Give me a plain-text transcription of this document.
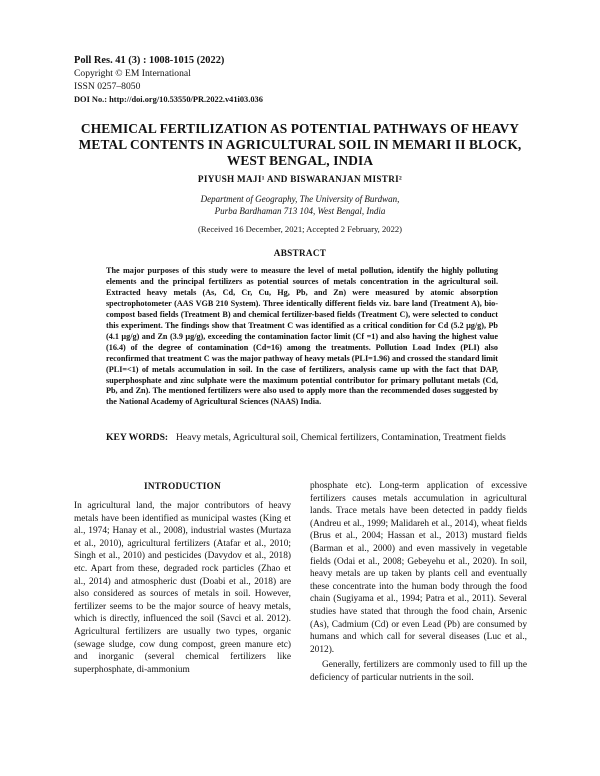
Poll Res. 41 (3) : 1008-1015 (2022)
Copyright © EM International
ISSN 0257–8050
DOI No.: http://doi.org/10.53550/PR.2022.v41i03.036
CHEMICAL FERTILIZATION AS POTENTIAL PATHWAYS OF HEAVY METAL CONTENTS IN AGRICULTURAL SOIL IN MEMARI II BLOCK, WEST BENGAL, INDIA
PIYUSH MAJI¹ AND BISWARANJAN MISTRI²
Department of Geography, The University of Burdwan,
Purba Bardhaman 713 104, West Bengal, India
(Received 16 December, 2021; Accepted 2 February, 2022)
ABSTRACT
The major purposes of this study were to measure the level of metal pollution, identify the highly polluting elements and the principal fertilizers as potential sources of metals concentration in the agricultural soil. Extracted heavy metals (As, Cd, Cr, Cu, Hg, Pb, and Zn) were measured by atomic absorption spectrophotometer (AAS VGB 210 System). Three identically different fields viz. bare land (Treatment A), bio-compost based fields (Treatment B) and chemical fertilizer-based fields (Treatment C), were selected to conduct this experiment. The findings show that Treatment C was identified as a critical condition for Cd (5.2 µg/g), Pb (4.1 µg/g) and Zn (3.9 µg/g), exceeding the contamination factor limit (Cf =1) and also having the highest value (16.4) of the degree of contamination (Cd=16) among the treatments. Pollution Load Index (PLI) also reconfirmed that treatment C was the major pathway of heavy metals (PLI=1.96) and crossed the standard limit (PLI=<1) of metals accumulation in soil. In the case of fertilizers, analysis came up with the fact that DAP, superphosphate and zinc sulphate were the maximum potential contributor for primary pollutant metals (Cd, Pb, and Zn). The mentioned fertilizers were also used to apply more than the recommended doses suggested by the National Academy of Agricultural Sciences (NAAS) India.
KEY WORDS: Heavy metals, Agricultural soil, Chemical fertilizers, Contamination, Treatment fields
INTRODUCTION

In agricultural land, the major contributors of heavy metals have been identified as municipal wastes (King et al., 1974; Hanay et al., 2008), industrial wastes (Murtaza et al., 2010), agricultural fertilizers (Atafar et al., 2010; Singh et al., 2010) and pesticides (Davydov et al., 2018) etc. Apart from these, degraded rock particles (Zhao et al., 2014) and atmospheric dust (Doabi et al., 2018) are also considered as sources of metals in soil. However, fertilizer seems to be the major source of heavy metals, which is directly, influenced the soil (Savci et al. 2012). Agricultural fertilizers are usually two types, organic (sewage sludge, cow dung compost, green manure etc) and inorganic (several chemical fertilizers like superphosphate, di-ammonium

phosphate etc). Long-term application of excessive fertilizers causes metals accumulation in agricultural lands. Trace metals have been detected in paddy fields (Andreu et al., 1999; Malidareh et al., 2014), wheat fields (Brus et al., 2004; Hassan et al., 2013) mustard fields (Barman et al., 2000) and even massively in vegetable fields (Odai et al., 2008; Gebeyehu et al., 2020). In soil, heavy metals are up taken by plants cell and eventually these concentrate into the human body through the food chain (Sugiyama et al., 1994; Patra et al., 2011). Several studies have stated that through the food chain, Arsenic (As), Cadmium (Cd) or even Lead (Pb) are consumed by humans and which call for several diseases (Luc et al., 2012).

Generally, fertilizers are commonly used to fill up the deficiency of particular nutrients in the soil.
